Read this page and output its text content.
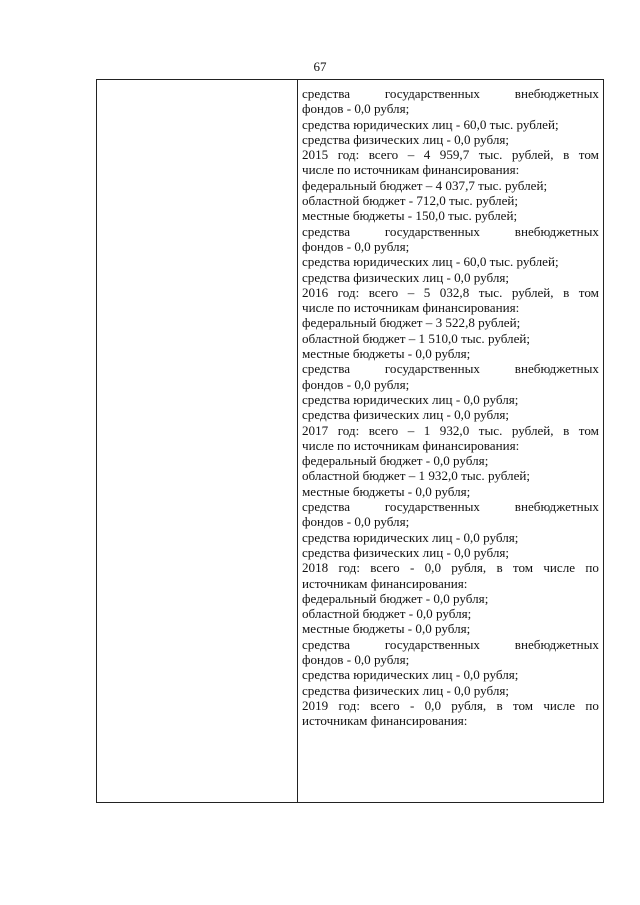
67
средства	государственных	внебюджетных
фондов - 0,0 рубля;
средства юридических лиц - 60,0 тыс. рублей;
средства физических лиц - 0,0 рубля;
2015 год: всего – 4 959,7 тыс. рублей, в том
числе по источникам финансирования:
федеральный бюджет – 4 037,7 тыс. рублей;
областной бюджет - 712,0 тыс. рублей;
местные бюджеты - 150,0 тыс. рублей;
средства	государственных	внебюджетных
фондов - 0,0 рубля;
средства юридических лиц - 60,0 тыс. рублей;
средства физических лиц - 0,0 рубля;
2016 год: всего – 5 032,8 тыс. рублей, в том
числе по источникам финансирования:
федеральный бюджет – 3 522,8 рублей;
областной бюджет – 1 510,0 тыс. рублей;
местные бюджеты - 0,0 рубля;
средства	государственных	внебюджетных
фондов - 0,0 рубля;
средства юридических лиц - 0,0 рубля;
средства физических лиц - 0,0 рубля;
2017 год: всего – 1 932,0 тыс. рублей, в том
числе по источникам финансирования:
федеральный бюджет - 0,0 рубля;
областной бюджет – 1 932,0 тыс. рублей;
местные бюджеты - 0,0 рубля;
средства	государственных	внебюджетных
фондов - 0,0 рубля;
средства юридических лиц - 0,0 рубля;
средства физических лиц - 0,0 рубля;
2018 год: всего - 0,0 рубля, в том числе по
источникам финансирования:
федеральный бюджет - 0,0 рубля;
областной бюджет - 0,0 рубля;
местные бюджеты - 0,0 рубля;
средства	государственных	внебюджетных
фондов - 0,0 рубля;
средства юридических лиц - 0,0 рубля;
средства физических лиц - 0,0 рубля;
2019 год: всего - 0,0 рубля, в том числе по
источникам финансирования:
